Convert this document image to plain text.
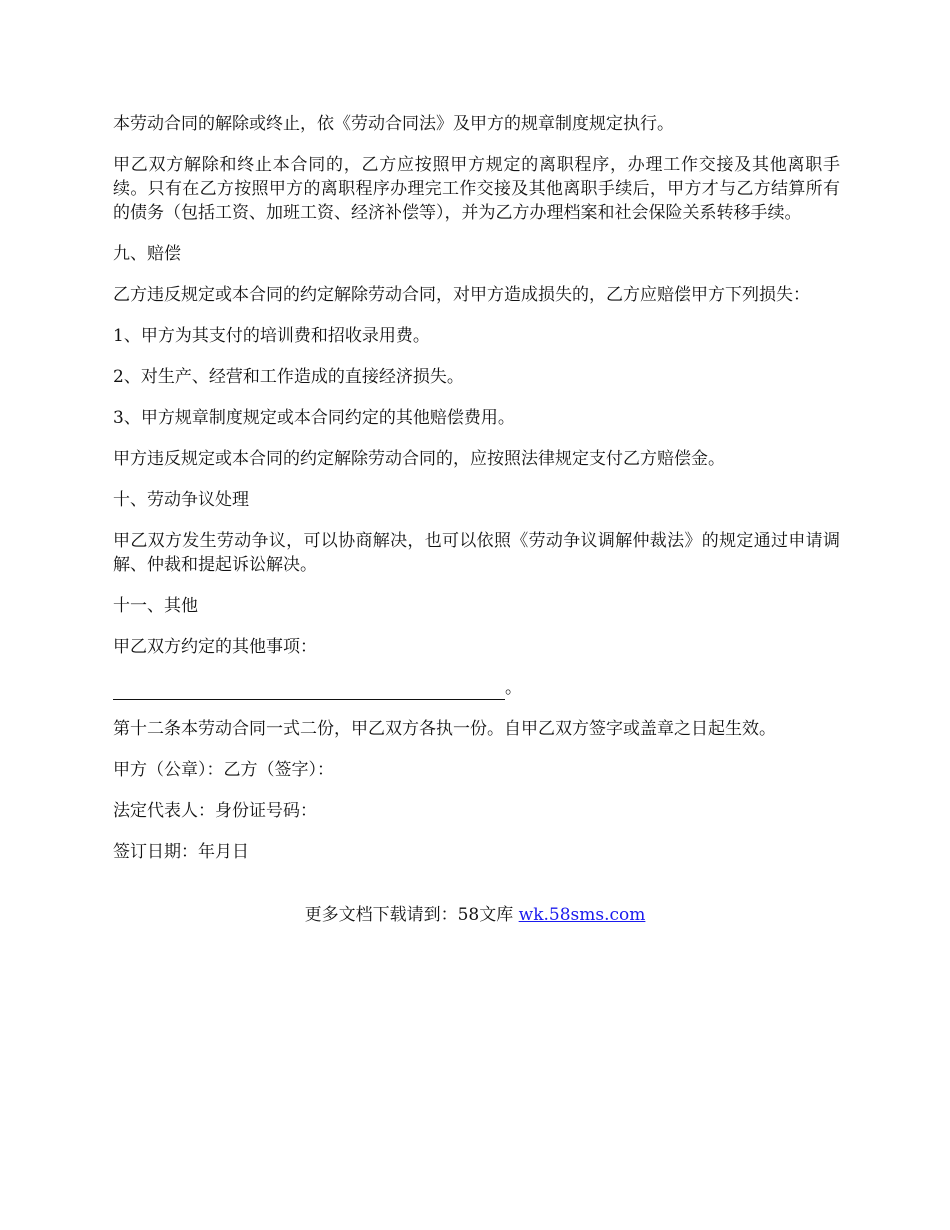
本劳动合同的解除或终止，依《劳动合同法》及甲方的规章制度规定执行。

甲乙双方解除和终止本合同的，乙方应按照甲方规定的离职程序，办理工作交接及其他离职手续。只有在乙方按照甲方的离职程序办理完工作交接及其他离职手续后，甲方才与乙方结算所有的债务（包括工资、加班工资、经济补偿等），并为乙方办理档案和社会保险关系转移手续。

九、赔偿

乙方违反规定或本合同的约定解除劳动合同，对甲方造成损失的，乙方应赔偿甲方下列损失：

1、甲方为其支付的培训费和招收录用费。

2、对生产、经营和工作造成的直接经济损失。

3、甲方规章制度规定或本合同约定的其他赔偿费用。

甲方违反规定或本合同的约定解除劳动合同的，应按照法律规定支付乙方赔偿金。

十、劳动争议处理

甲乙双方发生劳动争议，可以协商解决，也可以依照《劳动争议调解仲裁法》的规定通过申请调解、仲裁和提起诉讼解决。

十一、其他

甲乙双方约定的其他事项：

。

第十二条本劳动合同一式二份，甲乙双方各执一份。自甲乙双方签字或盖章之日起生效。

甲方（公章）：乙方（签字）：

法定代表人：身份证号码：

签订日期：年月日

更多文档下载请到：58文库 wk.58sms.com
